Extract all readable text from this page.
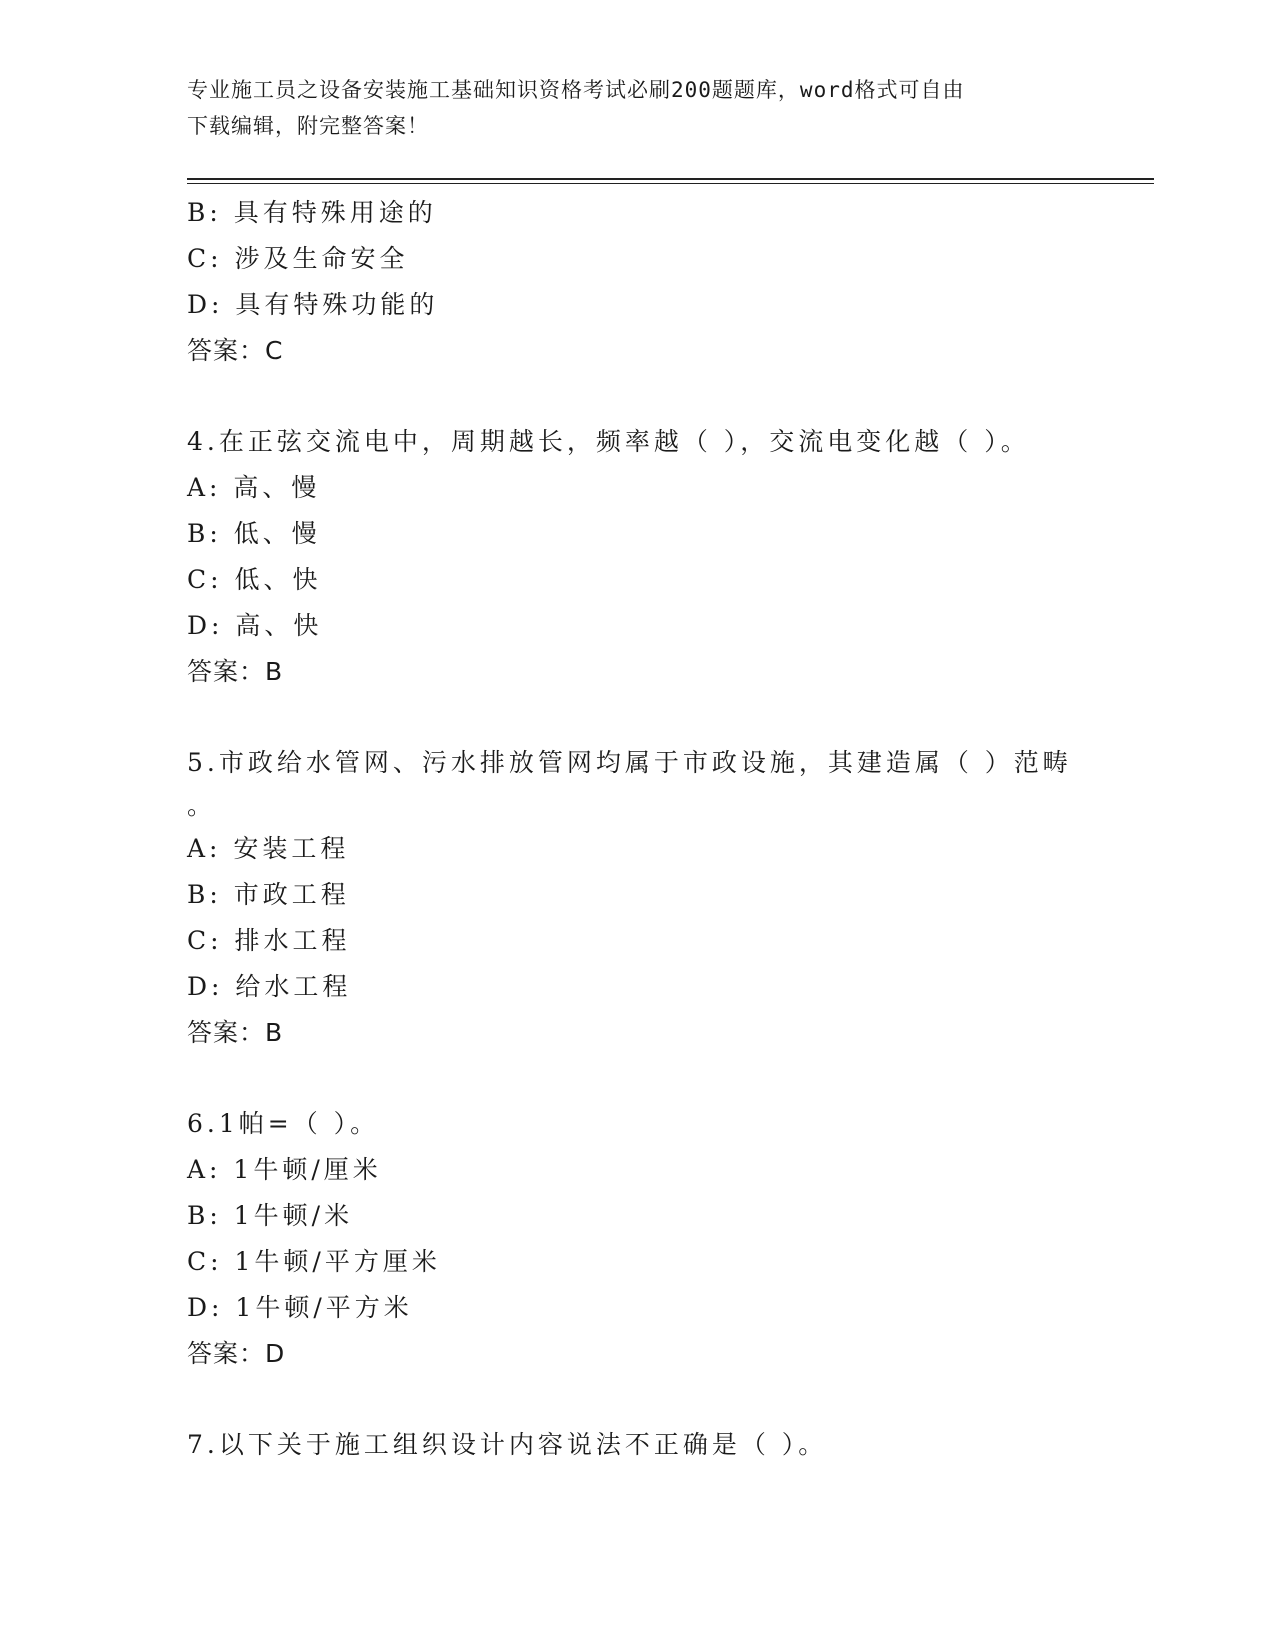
专业施工员之设备安装施工基础知识资格考试必刷200题题库，word格式可自由
下载编辑，附完整答案！
B: 具有特殊用途的
C: 涉及生命安全
D: 具有特殊功能的
答案：C
4.在正弦交流电中，周期越长，频率越（ ），交流电变化越（ ）。
A: 高、慢
B: 低、慢
C: 低、快
D: 高、快
答案：B
5.市政给水管网、污水排放管网均属于市政设施，其建造属（ ）范畴
。
A: 安装工程
B: 市政工程
C: 排水工程
D: 给水工程
答案：B
6.1帕=（ ）。
A: 1牛顿/厘米
B: 1牛顿/米
C: 1牛顿/平方厘米
D: 1牛顿/平方米
答案：D
7.以下关于施工组织设计内容说法不正确是（ ）。
